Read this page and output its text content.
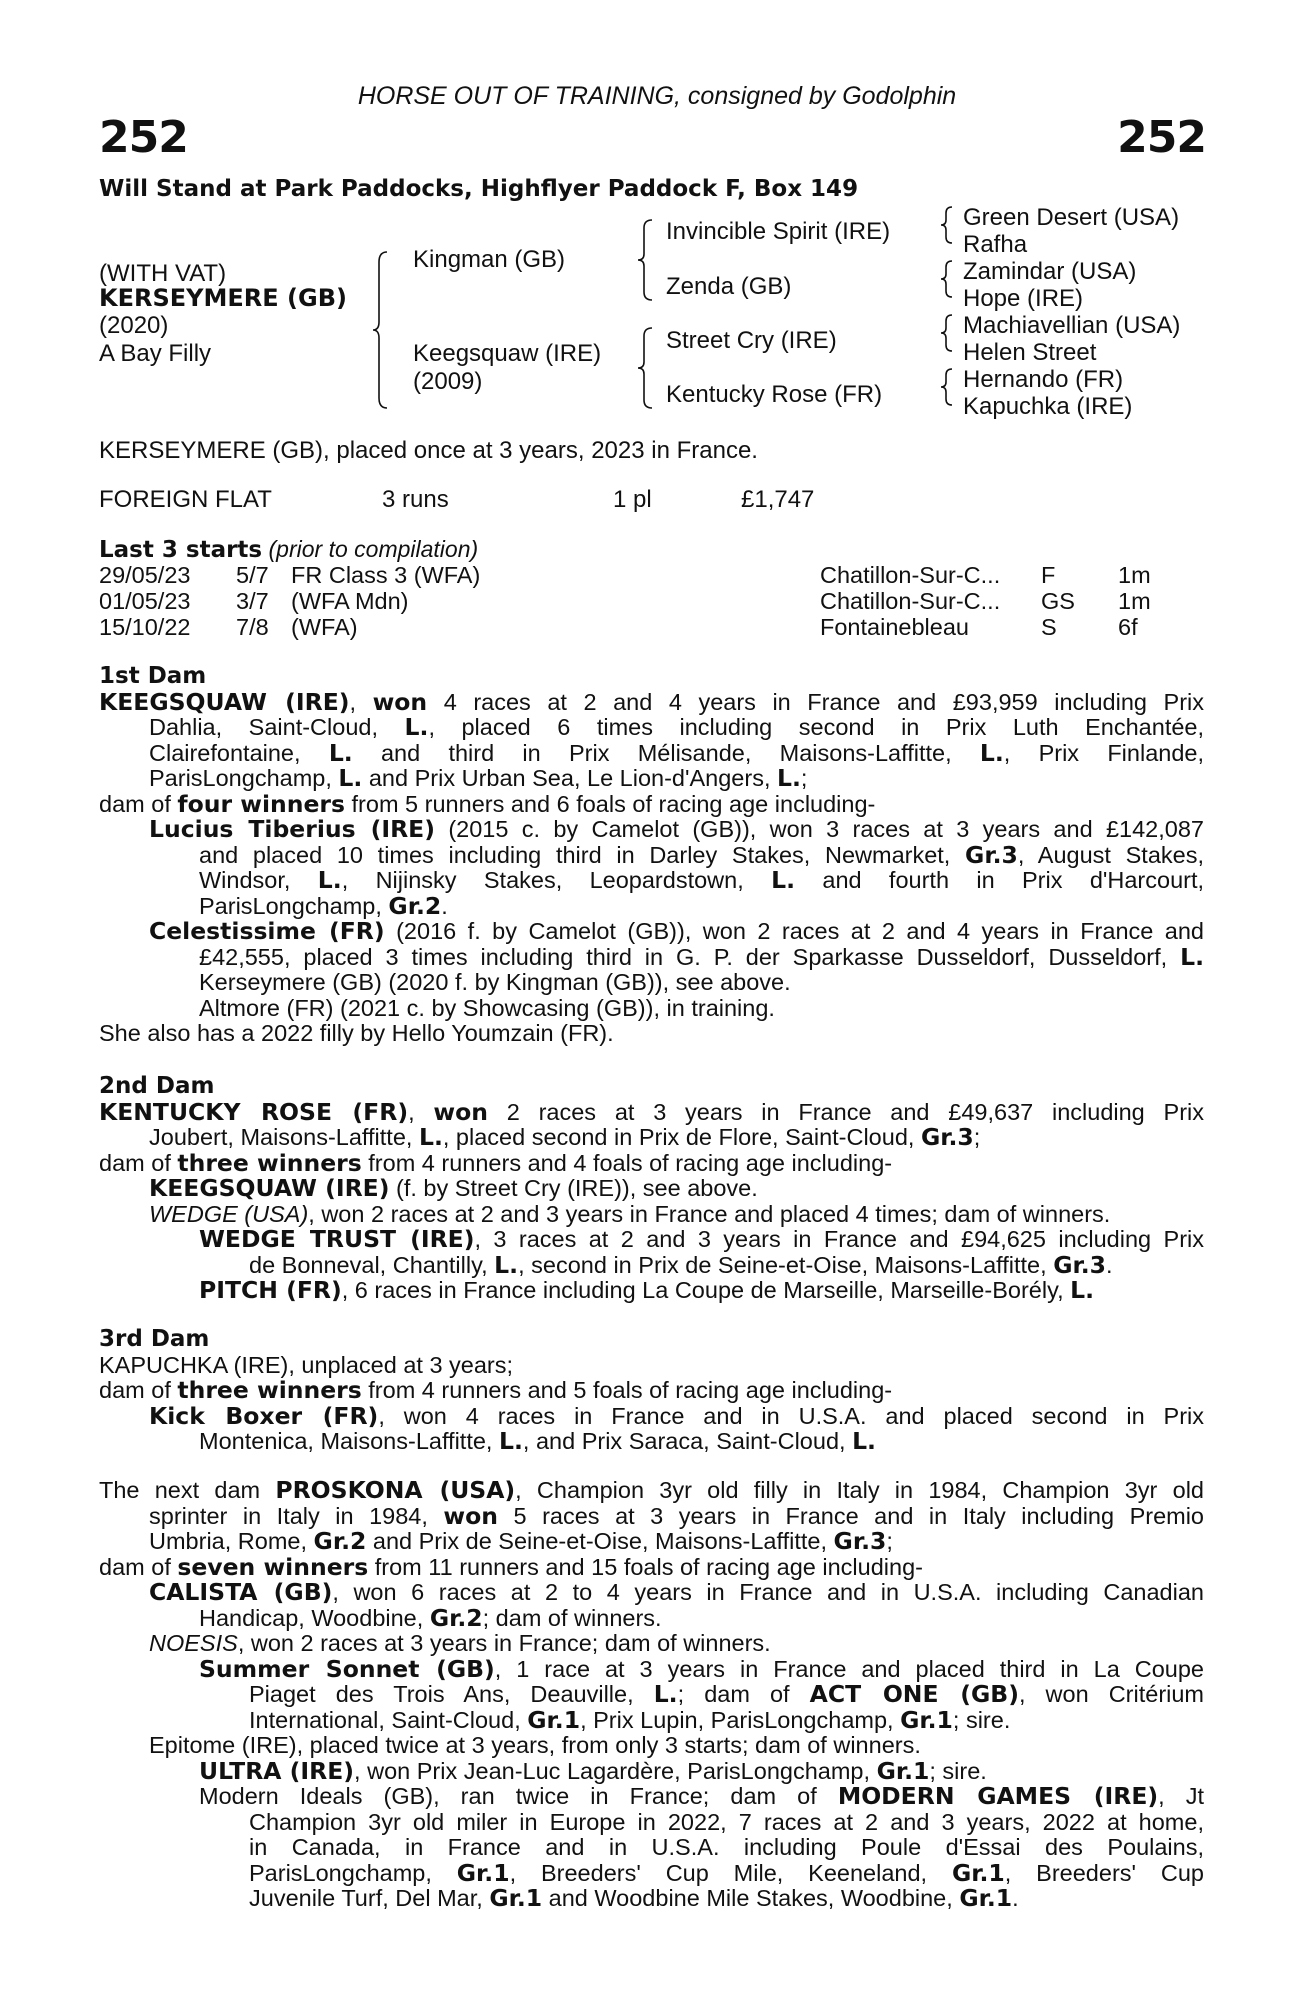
HORSE OUT OF TRAINING, consigned by Godolphin
252	252
Will Stand at Park Paddocks, Highflyer Paddock F, Box 149
(WITH VAT)
KERSEYMERE (GB)
(2020)
A Bay Filly
Kingman (GB)
Keegsquaw (IRE)
(2009)
Invincible Spirit (IRE)
Zenda (GB)
Street Cry (IRE)
Kentucky Rose (FR)
Green Desert (USA)
Rafha
Zamindar (USA)
Hope (IRE)
Machiavellian (USA)
Helen Street
Hernando (FR)
Kapuchka (IRE)
KERSEYMERE (GB), placed once at 3 years, 2023 in France.
FOREIGN FLAT	3 runs	1 pl	£1,747
Last 3 starts (prior to compilation)
29/05/23 5/7 FR Class 3 (WFA)	Chatillon-Sur-C... F	1m
01/05/23 3/7 (WFA Mdn)	Chatillon-Sur-C... GS 1m
15/10/22 7/8 (WFA)	Fontainebleau	S	6f

1st Dam

KEEGSQUAW (IRE), won 4 races at 2 and 4 years in France and £93,959 including Prix

Dahlia, Saint-Cloud, L., placed 6 times including second in Prix Luth Enchantée,

Clairefontaine, L. and third in Prix Mélisande, Maisons-Laffitte, L., Prix Finlande,

ParisLongchamp, L. and Prix Urban Sea, Le Lion-d'Angers, L.;

dam of four winners from 5 runners and 6 foals of racing age including-

Lucius Tiberius (IRE) (2015 c. by Camelot (GB)), won 3 races at 3 years and £142,087

and placed 10 times including third in Darley Stakes, Newmarket, Gr.3, August Stakes,

Windsor, L., Nijinsky Stakes, Leopardstown, L. and fourth in Prix d'Harcourt,

ParisLongchamp, Gr.2.

Celestissime (FR) (2016 f. by Camelot (GB)), won 2 races at 2 and 4 years in France and

£42,555, placed 3 times including third in G. P. der Sparkasse Dusseldorf, Dusseldorf, L.

Kerseymere (GB) (2020 f. by Kingman (GB)), see above.

Altmore (FR) (2021 c. by Showcasing (GB)), in training.

She also has a 2022 filly by Hello Youmzain (FR).

2nd Dam

KENTUCKY ROSE (FR), won 2 races at 3 years in France and £49,637 including Prix

Joubert, Maisons-Laffitte, L., placed second in Prix de Flore, Saint-Cloud, Gr.3;

dam of three winners from 4 runners and 4 foals of racing age including-

KEEGSQUAW (IRE) (f. by Street Cry (IRE)), see above.

WEDGE (USA), won 2 races at 2 and 3 years in France and placed 4 times; dam of winners.

WEDGE TRUST (IRE), 3 races at 2 and 3 years in France and £94,625 including Prix

de Bonneval, Chantilly, L., second in Prix de Seine-et-Oise, Maisons-Laffitte, Gr.3.

PITCH (FR), 6 races in France including La Coupe de Marseille, Marseille-Borély, L.

3rd Dam

KAPUCHKA (IRE), unplaced at 3 years;

dam of three winners from 4 runners and 5 foals of racing age including-

Kick Boxer (FR), won 4 races in France and in U.S.A. and placed second in Prix

Montenica, Maisons-Laffitte, L., and Prix Saraca, Saint-Cloud, L.

The next dam PROSKONA (USA), Champion 3yr old filly in Italy in 1984, Champion 3yr old

sprinter in Italy in 1984, won 5 races at 3 years in France and in Italy including Premio

Umbria, Rome, Gr.2 and Prix de Seine-et-Oise, Maisons-Laffitte, Gr.3;

dam of seven winners from 11 runners and 15 foals of racing age including-

CALISTA (GB), won 6 races at 2 to 4 years in France and in U.S.A. including Canadian

Handicap, Woodbine, Gr.2; dam of winners.

NOESIS, won 2 races at 3 years in France; dam of winners.

Summer Sonnet (GB), 1 race at 3 years in France and placed third in La Coupe

Piaget des Trois Ans, Deauville, L.; dam of ACT ONE (GB), won Critérium

International, Saint-Cloud, Gr.1, Prix Lupin, ParisLongchamp, Gr.1; sire.

Epitome (IRE), placed twice at 3 years, from only 3 starts; dam of winners.

ULTRA (IRE), won Prix Jean-Luc Lagardère, ParisLongchamp, Gr.1; sire.

Modern Ideals (GB), ran twice in France; dam of MODERN GAMES (IRE), Jt

Champion 3yr old miler in Europe in 2022, 7 races at 2 and 3 years, 2022 at home,

in Canada, in France and in U.S.A. including Poule d'Essai des Poulains,

ParisLongchamp, Gr.1, Breeders' Cup Mile, Keeneland, Gr.1, Breeders' Cup

Juvenile Turf, Del Mar, Gr.1 and Woodbine Mile Stakes, Woodbine, Gr.1.
